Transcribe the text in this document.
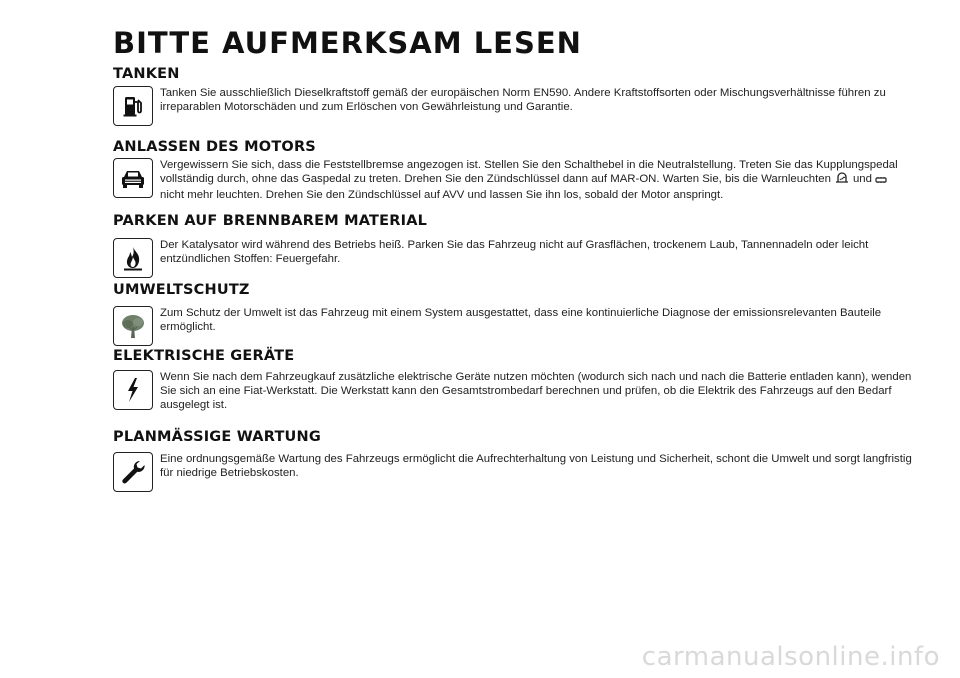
BITTE AUFMERKSAM LESEN
TANKEN

Tanken Sie ausschließlich Dieselkraftstoff gemäß der europäischen Norm EN590. Andere Kraftstoffsorten oder Mischungsverhältnisse führen zu irreparablen Motorschäden und zum Erlöschen von Gewährleistung und Garantie.

ANLASSEN DES MOTORS

Vergewissern Sie sich, dass die Feststellbremse angezogen ist. Stellen Sie den Schalthebel in die Neutralstellung. Treten Sie das Kupplungspedal vollständig durch, ohne das Gaspedal zu treten. Drehen Sie den Zündschlüssel dann auf MAR-ON. Warten Sie, bis die Warnleuchten undnicht mehr leuchten. Drehen Sie den Zündschlüssel auf AVV und lassen Sie ihn los, sobald der Motor anspringt.

PARKEN AUF BRENNBAREM MATERIAL

Der Katalysator wird während des Betriebs heiß. Parken Sie das Fahrzeug nicht auf Grasflächen, trockenem Laub, Tannennadeln oder leicht entzündlichen Stoffen: Feuergefahr.

UMWELTSCHUTZ

Zum Schutz der Umwelt ist das Fahrzeug mit einem System ausgestattet, dass eine kontinuierliche Diagnose der emissionsrelevanten Bauteile ermöglicht.

ELEKTRISCHE GERÄTE

Wenn Sie nach dem Fahrzeugkauf zusätzliche elektrische Geräte nutzen möchten (wodurch sich nach und nach die Batterie entladen kann), wenden Sie sich an eine Fiat-Werkstatt. Die Werkstatt kann den Gesamtstrombedarf berechnen und prüfen, ob die Elektrik des Fahrzeugs auf den Bedarf ausgelegt ist.

PLANMÄSSIGE WARTUNG

Eine ordnungsgemäße Wartung des Fahrzeugs ermöglicht die Aufrechterhaltung von Leistung und Sicherheit, schont die Umwelt und sorgt langfristig für niedrige Betriebskosten.

carmanualsonline.info
